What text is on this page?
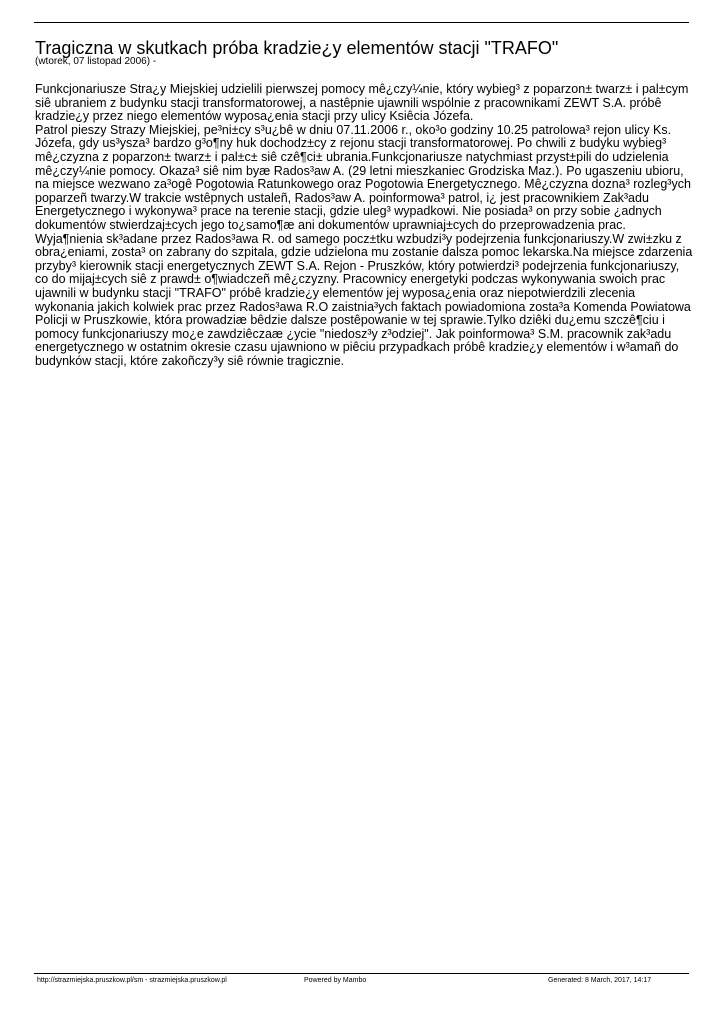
Tragiczna w skutkach próba kradzie¿y elementów stacji "TRAFO"
(wtorek, 07 listopad 2006) -

Funkcjonariusze Stra¿y Miejskiej udzielili pierwszej pomocy mê¿czy¼nie, który wybieg³ z poparzon± twarz± i pal±cym siê ubraniem z budynku stacji transformatorowej, a nastêpnie ujawnili wspólnie z pracownikami ZEWT S.A. próbê kradzie¿y przez niego elementów wyposa¿enia stacji przy ulicy Ksiêcia Józefa.

Patrol pieszy Strazy Miejskiej, pe³ni±cy s³u¿bê w dniu 07.11.2006 r., oko³o godziny 10.25 patrolowa³ rejon ulicy Ks. Józefa, gdy us³ysza³ bardzo g³o¶ny huk dochodz±cy z rejonu stacji transformatorowej. Po chwili z budyku wybieg³ mê¿czyzna z poparzon± twarz± i pal±c± siê czê¶ci± ubrania.Funkcjonariusze natychmiast przyst±pili do udzielenia mê¿czy¼nie pomocy. Okaza³ siê nim byæ Rados³aw A. (29 letni mieszkaniec Grodziska Maz.). Po ugaszeniu ubioru, na miejsce wezwano za³ogê Pogotowia Ratunkowego oraz Pogotowia Energetycznego. Mê¿czyzna dozna³ rozleg³ych poparzeñ twarzy.W trakcie wstêpnych ustaleñ, Rados³aw A. poinformowa³ patrol, i¿ jest pracownikiem Zak³adu Energetycznego i wykonywa³ prace na terenie stacji, gdzie uleg³ wypadkowi. Nie posiada³ on przy sobie ¿adnych dokumentów stwierdzaj±cych jego to¿samo¶æ ani dokumentów uprawniaj±cych do przeprowadzenia prac. Wyja¶nienia sk³adane przez Rados³awa R. od samego pocz±tku wzbudzi³y podejrzenia funkcjonariuszy.W zwi±zku z obra¿eniami, zosta³ on zabrany do szpitala, gdzie udzielona mu zostanie dalsza pomoc lekarska.Na miejsce zdarzenia przyby³ kierownik stacji energetycznych ZEWT S.A. Rejon - Pruszków, który potwierdzi³ podejrzenia funkcjonariuszy, co do mijaj±cych siê z prawd± o¶wiadczeñ mê¿czyzny. Pracownicy energetyki podczas wykonywania swoich prac ujawnili w budynku stacji "TRAFO" próbê kradzie¿y elementów jej wyposa¿enia oraz niepotwierdzili zlecenia wykonania jakich kolwiek prac przez Rados³awa R.O zaistnia³ych faktach powiadomiona zosta³a Komenda Powiatowa Policji w Pruszkowie, która prowadziæ bêdzie dalsze postêpowanie w tej sprawie.Tylko dziêki du¿emu szczê¶ciu i pomocy funkcjonariuszy mo¿e zawdziêczaæ ¿ycie "niedosz³y z³odziej". Jak poinformowa³ S.M. pracownik zak³adu energetycznego w ostatnim okresie czasu ujawniono w piêciu przypadkach próbê kradzie¿y elementów i w³amañ do budynków stacji, które zakoñczy³y siê równie tragicznie.

http://strazmiejska.pruszkow.pl/sm - strazmiejska.pruszkow.pl	Powered by Mambo	Generated: 8 March, 2017, 14:17
